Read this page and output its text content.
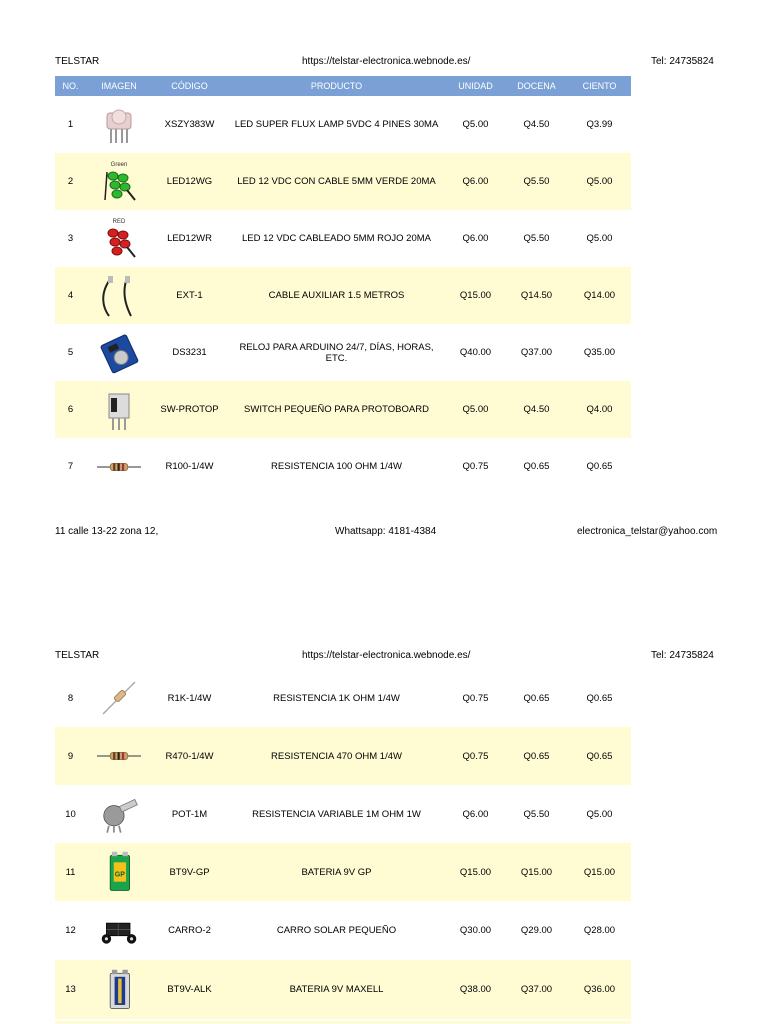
TELSTAR	https://telstar-electronica.webnode.es/	Tel: 24735824
NO.	IMAGEN	CÓDIGO	PRODUCTO	UNIDAD	DOCENA	CIENTO
1		XSZY383W	LED SUPER FLUX LAMP 5VDC 4 PINES 30MA	Q5.00	Q4.50	Q3.99
2	Green	LED12WG	LED 12 VDC CON CABLE 5MM VERDE 20MA	Q6.00	Q5.50	Q5.00
3	RED	LED12WR	LED 12 VDC CABLEADO 5MM ROJO 20MA	Q6.00	Q5.50	Q5.00
4		EXT-1	CABLE AUXILIAR 1.5 METROS	Q15.00	Q14.50	Q14.00
5		DS3231	RELOJ PARA ARDUINO 24/7, DÍAS, HORAS, ETC.	Q40.00	Q37.00	Q35.00
6		SW-PROTOP	SWITCH PEQUEÑO PARA PROTOBOARD	Q5.00	Q4.50	Q4.00
7		R100-1/4W	RESISTENCIA 100 OHM 1/4W	Q0.75	Q0.65	Q0.65
11 calle 13-22 zona 12,	Whattsapp: 4181-4384	electronica_telstar@yahoo.com
TELSTAR	https://telstar-electronica.webnode.es/	Tel: 24735824
8		R1K-1/4W	RESISTENCIA 1K OHM 1/4W	Q0.75	Q0.65	Q0.65
9		R470-1/4W	RESISTENCIA 470 OHM 1/4W	Q0.75	Q0.65	Q0.65
10		POT-1M	RESISTENCIA VARIABLE 1M OHM 1W	Q6.00	Q5.50	Q5.00
11	GP	BT9V-GP	BATERIA 9V GP	Q15.00	Q15.00	Q15.00
12		CARRO-2	CARRO SOLAR PEQUEÑO	Q30.00	Q29.00	Q28.00
13		BT9V-ALK	BATERIA 9V MAXELL	Q38.00	Q37.00	Q36.00
